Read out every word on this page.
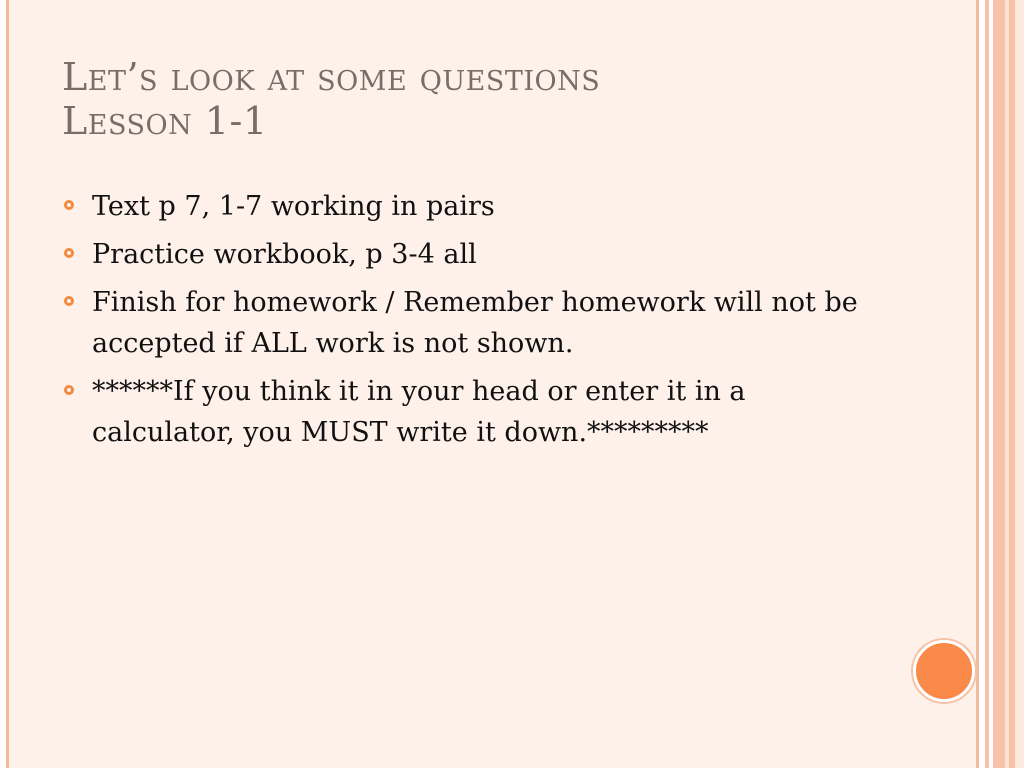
Let’s look at some questions
Lesson 1-1
Text p 7, 1-7 working in pairs
Practice workbook, p 3-4 all
Finish for homework / Remember homework will not be accepted if ALL work is not shown.
******If you think it in your head or enter it in a calculator, you MUST write it down.*********
